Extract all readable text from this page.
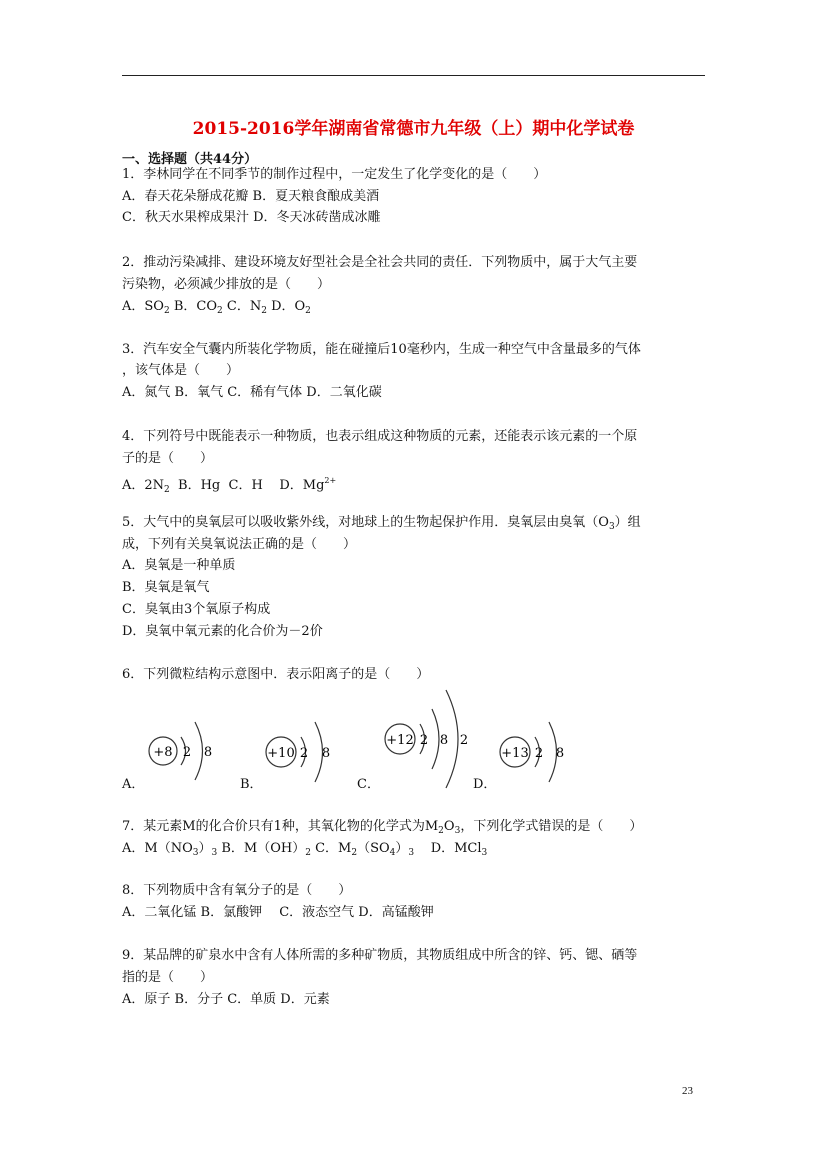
2015-2016学年湖南省常德市九年级（上）期中化学试卷
一、选择题（共44分）
1．李林同学在不同季节的制作过程中，一定发生了化学变化的是（　　）
A．春天花朵掰成花瓣 B．夏天粮食酿成美酒
C．秋天水果榨成果汁 D．冬天冰砖凿成冰雕
2．推动污染减排、建设环境友好型社会是全社会共同的责任．下列物质中，属于大气主要
污染物，必须减少排放的是（　　）
A．$SO_2$ B．$CO_2$ C．$N_2$ D．$O_2$
3．汽车安全气囊内所装化学物质，能在碰撞后10毫秒内，生成一种空气中含量最多的气体
，该气体是（　　）
A．氮气 B．氧气 C．稀有气体 D．二氧化碳
4．下列符号中既能表示一种物质，也表示组成这种物质的元素，还能表示该元素的一个原
子的是（　　）
A．$2N_2$ B．Hg C．H D．$Mg^{2+}$
5．大气中的臭氧层可以吸收紫外线，对地球上的生物起保护作用．臭氧层由臭氧$(O_3)$组
成，下列有关臭氧说法正确的是（　　）
A．臭氧是一种单质
B．臭氧是氧气
C．臭氧由3个氧原子构成
D．臭氧中氧元素的化合价为－2价
6．下列微粒结构示意图中．表示阳离子的是（　　）
+8 2 8	+10 2 8
+12 2 8 2
+13 2 8
A．	B．	C．	D．
7．某元素M的化合价只有1种，其氧化物的化学式为$M_2O_3$，下列化学式错误的是（　　）
A．$M(NO_3)_3$ B．$M(OH)_2$ C．$M_2(SO_4)_3$ D．MCl$_3$
8．下列物质中含有氧分子的是（　　）
A．二氧化锰 B．氯酸钾　 C．液态空气 D．高锰酸钾
9．某品牌的矿泉水中含有人体所需的多种矿物质，其物质组成中所含的锌、钙、锶、硒等
指的是（　　）
A．原子 B．分子 C．单质 D．元素
23
